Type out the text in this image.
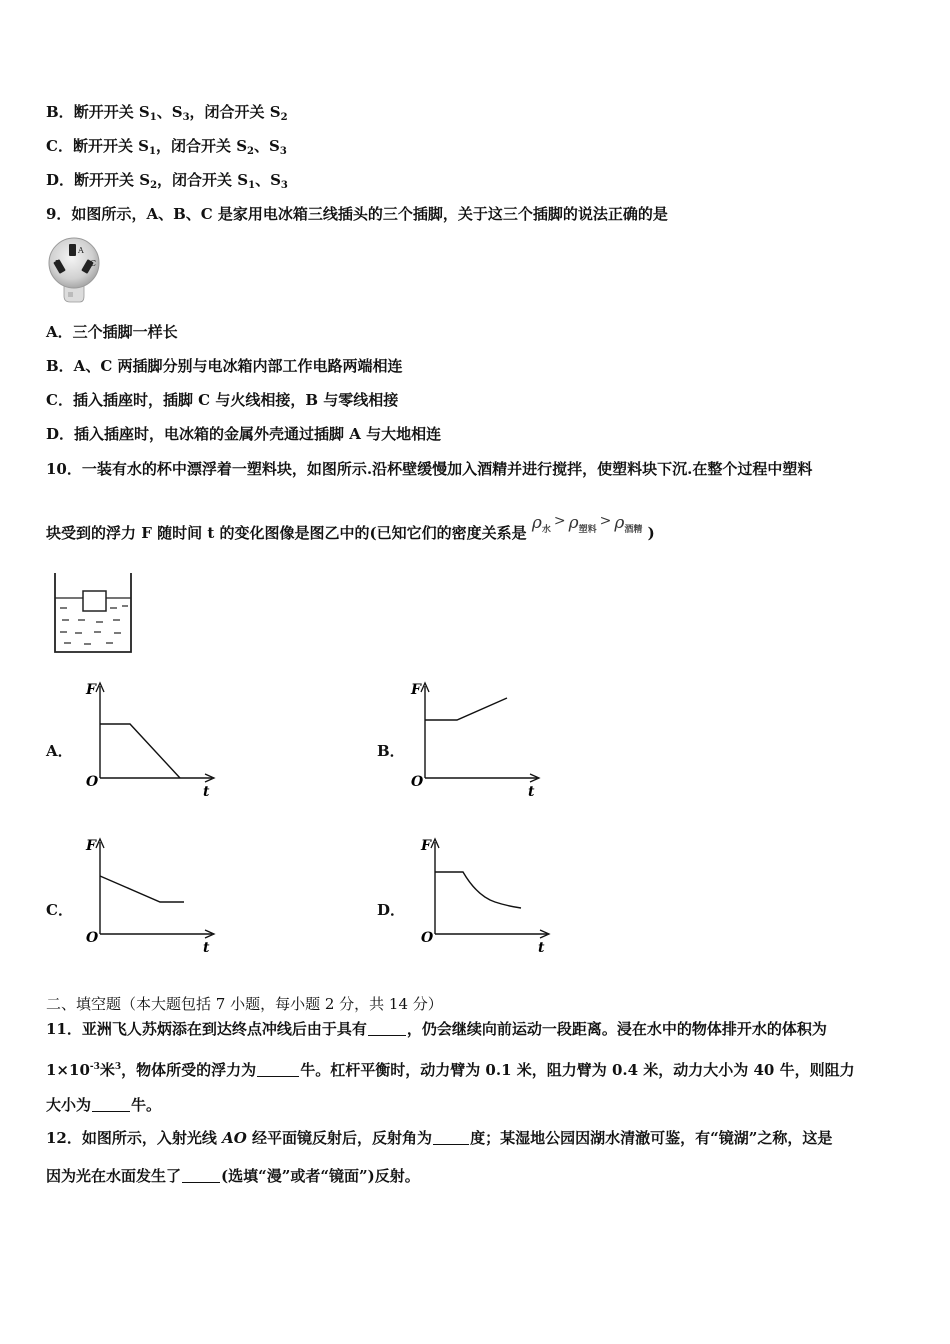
B．断开开关 $S_1$、$S_3$，闭合开关 $S_2$
C．断开开关 $S_1$，闭合开关 $S_2$、$S_3$
D．断开开关 $S_2$，闭合开关 $S_1$、$S_3$
9．如图所示，A、B、C 是家用电冰箱三线插头的三个插脚，关于这三个插脚的说法正确的是
A
B	C
A．三个插脚一样长
B．A、C 两插脚分别与电冰箱内部工作电路两端相连
C．插入插座时，插脚 C 与火线相接，B 与零线相接
D．插入插座时，电冰箱的金属外壳通过插脚 A 与大地相连
10．一装有水的杯中漂浮着一塑料块，如图所示.沿杯壁缓慢加入酒精并进行搅拌，使塑料块下沉.在整个过程中塑料
块受到的浮力 F 随时间 t 的变化图像是图乙中的(已知它们的密度关系是 $\rho_水> \rho_{塑料}> \rho_{酒精}$ )
A．	B．
C．	D．
F
O
t
F
O
t
F
O
t
F
O
t
二、填空题（本大题包括 7 小题，每小题 2 分，共 14 分）
11．亚洲飞人苏炳添在到达终点冲线后由于具有	，仍会继续向前运动一段距离。浸在水中的物体排开水的体积为
$1\times 10^{-3}$米$^3$，物体所受的浮力为	牛。杠杆平衡时，动力臂为 0.1 米，阻力臂为 0.4 米，动力大小为 40 牛，则阻力
大小为	牛。
12．如图所示，入射光线 AO 经平面镜反射后，反射角为	度；某湿地公园因湖水清澈可鉴，有“镜湖”之称，这是
因为光在水面发生了	(选填“漫”或者“镜面”)反射。
